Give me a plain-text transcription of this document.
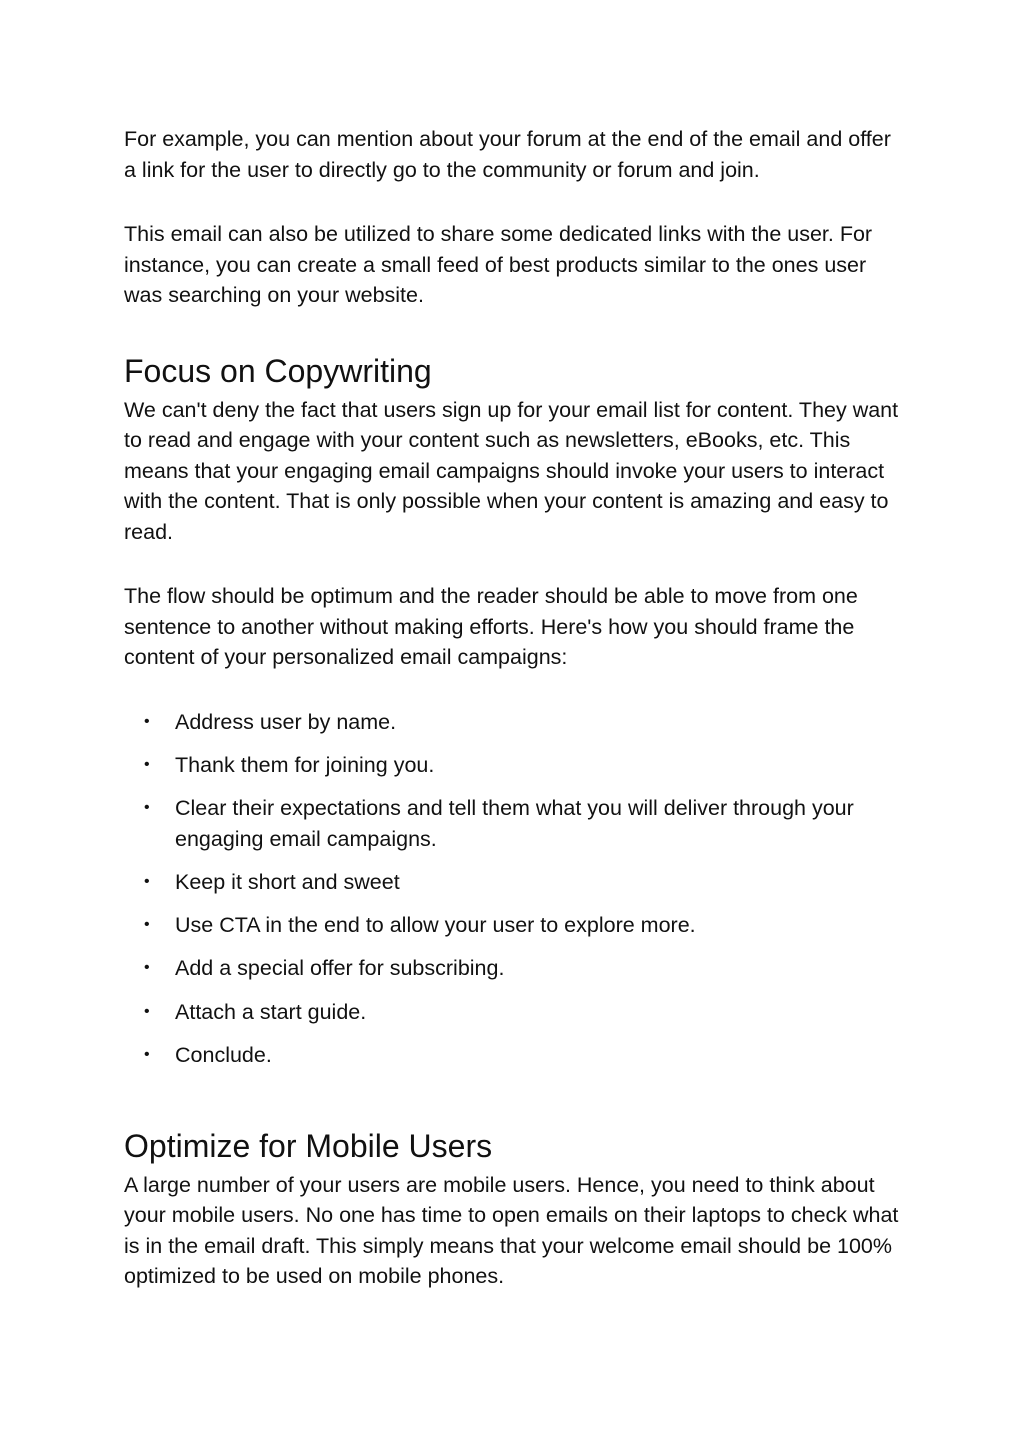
For example, you can mention about your forum at the end of the email and offer a link for the user to directly go to the community or forum and join.

This email can also be utilized to share some dedicated links with the user. For instance, you can create a small feed of best products similar to the ones user was searching on your website.

Focus on Copywriting

We can't deny the fact that users sign up for your email list for content. They want to read and engage with your content such as newsletters, eBooks, etc. This means that your engaging email campaigns should invoke your users to interact with the content. That is only possible when your content is amazing and easy to read.

The flow should be optimum and the reader should be able to move from one sentence to another without making efforts. Here's how you should frame the content of your personalized email campaigns:

• Address user by name.
• Thank them for joining you.
• Clear their expectations and tell them what you will deliver through your engaging email campaigns.
• Keep it short and sweet
• Use CTA in the end to allow your user to explore more.
• Add a special offer for subscribing.
• Attach a start guide.
• Conclude.
Optimize for Mobile Users

A large number of your users are mobile users. Hence, you need to think about your mobile users. No one has time to open emails on their laptops to check what is in the email draft. This simply means that your welcome email should be 100% optimized to be used on mobile phones.
